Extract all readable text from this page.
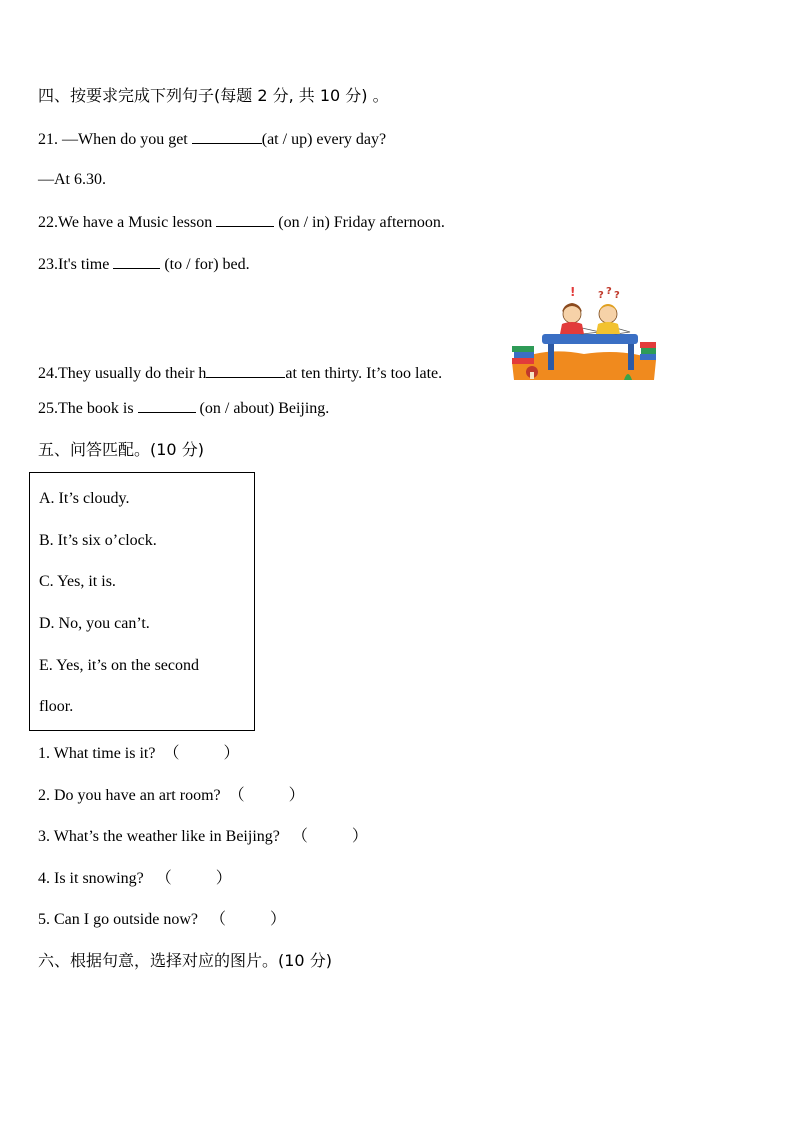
四、按要求完成下列句子(每题 2 分, 共 10 分) 。
21. —When do you get	(at / up) every day?
—At 6.30.
22.We have a Music lesson	(on / in) Friday afternoon.
23.It's time	(to / for) bed.
24.They usually do their h	at ten thirty. It’s too late.
25.The book is	(on / about) Beijing.
! ? ? ?
五、问答匹配。(10 分)
A. It’s cloudy.
B. It’s six o’clock.
C. Yes, it is.
D. No, you can’t.
E. Yes, it’s on the second
floor.
1. What time is it? （	）
2. Do you have an art room? （	）
3. What’s the weather like in Beijing? （	）
4. Is it snowing? （	）
5. Can I go outside now? （	）
六、根据句意，选择对应的图片。(10 分)
